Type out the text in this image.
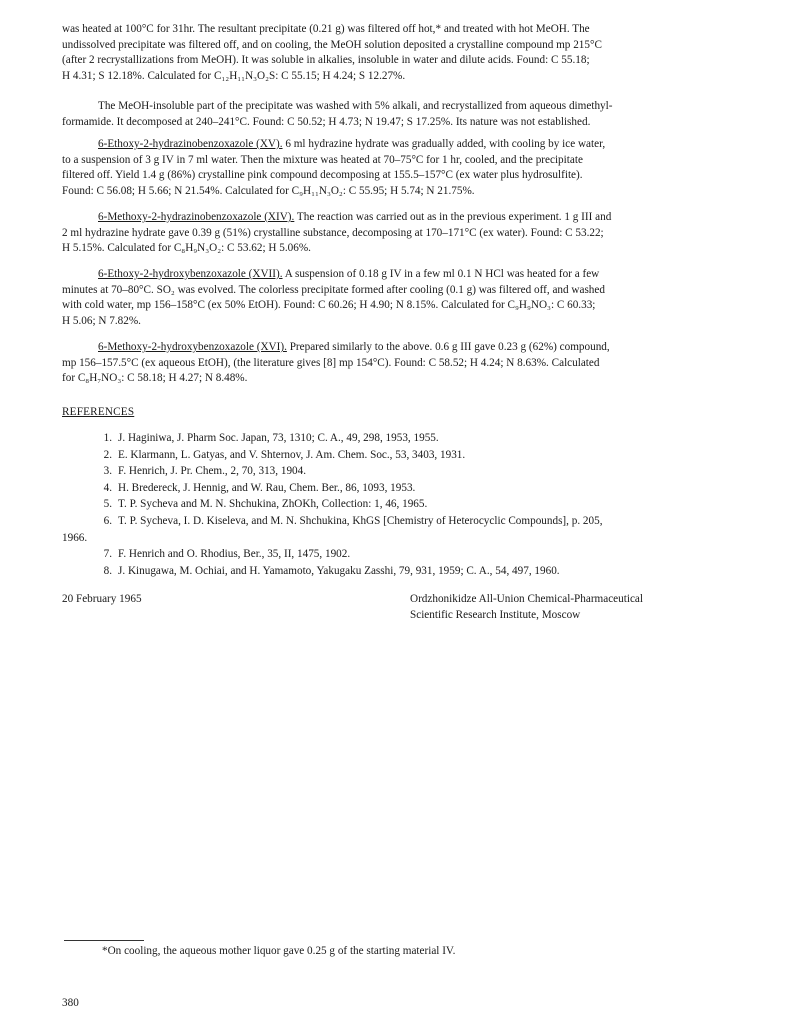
was heated at 100°C for 31hr. The resultant precipitate (0.21 g) was filtered off hot,* and treated with hot MeOH. The
undissolved precipitate was filtered off, and on cooling, the MeOH solution deposited a crystalline compound mp 215°C
(after 2 recrystallizations from MeOH). It was soluble in alkalies, insoluble in water and dilute acids. Found: C 55.18;
H 4.31; S 12.18%. Calculated for C₁₂H₁₁N₃O₂S: C 55.15; H 4.24; S 12.27%.
The MeOH-insoluble part of the precipitate was washed with 5% alkali, and recrystallized from aqueous dimethyl-
formamide. It decomposed at 240–241°C. Found: C 50.52; H 4.73; N 19.47; S 17.25%. Its nature was not established.
6-Ethoxy-2-hydrazinobenzoxazole (XV). 6 ml hydrazine hydrate was gradually added, with cooling by ice water,
to a suspension of 3 g IV in 7 ml water. Then the mixture was heated at 70–75°C for 1 hr, cooled, and the precipitate
filtered off. Yield 1.4 g (86%) crystalline pink compound decomposing at 155.5–157°C (ex water plus hydrosulfite).
Found: C 56.08; H 5.66; N 21.54%. Calculated for C₉H₁₁N₃O₂: C 55.95; H 5.74; N 21.75%.
6-Methoxy-2-hydrazinobenzoxazole (XIV). The reaction was carried out as in the previous experiment. 1 g III and
2 ml hydrazine hydrate gave 0.39 g (51%) crystalline substance, decomposing at 170–171°C (ex water). Found: C 53.22;
H 5.15%. Calculated for C₈H₉N₃O₂: C 53.62; H 5.06%.
6-Ethoxy-2-hydroxybenzoxazole (XVII). A suspension of 0.18 g IV in a few ml 0.1 N HCl was heated for a few
minutes at 70–80°C. SO₂ was evolved. The colorless precipitate formed after cooling (0.1 g) was filtered off, and washed
with cold water, mp 156–158°C (ex 50% EtOH). Found: C 60.26; H 4.90; N 8.15%. Calculated for C₉H₉NO₃: C 60.33;
H 5.06; N 7.82%.
6-Methoxy-2-hydroxybenzoxazole (XVI). Prepared similarly to the above. 0.6 g III gave 0.23 g (62%) compound,
mp 156–157.5°C (ex aqueous EtOH), (the literature gives [8] mp 154°C). Found: C 58.52; H 4.24; N 8.63%. Calculated
for C₈H₇NO₃: C 58.18; H 4.27; N 8.48%.
REFERENCES
1. J. Haginiwa, J. Pharm Soc. Japan, 73, 1310; C. A., 49, 298, 1953, 1955.
2. E. Klarmann, L. Gatyas, and V. Shternov, J. Am. Chem. Soc., 53, 3403, 1931.
3. F. Henrich, J. Pr. Chem., 2, 70, 313, 1904.
4. H. Bredereck, J. Hennig, and W. Rau, Chem. Ber., 86, 1093, 1953.
5. T. P. Sycheva and M. N. Shchukina, ZhOKh, Collection: 1, 46, 1965.
6. T. P. Sycheva, I. D. Kiseleva, and M. N. Shchukina, KhGS [Chemistry of Heterocyclic Compounds], p. 205,
1966.
7. F. Henrich and O. Rhodius, Ber., 35, II, 1475, 1902.
8. J. Kinugawa, M. Ochiai, and H. Yamamoto, Yakugaku Zasshi, 79, 931, 1959; C. A., 54, 497, 1960.
20 February 1965	Ordzhonikidze All-Union Chemical-Pharmaceutical
Scientific Research Institute, Moscow
*On cooling, the aqueous mother liquor gave 0.25 g of the starting material IV.
380
